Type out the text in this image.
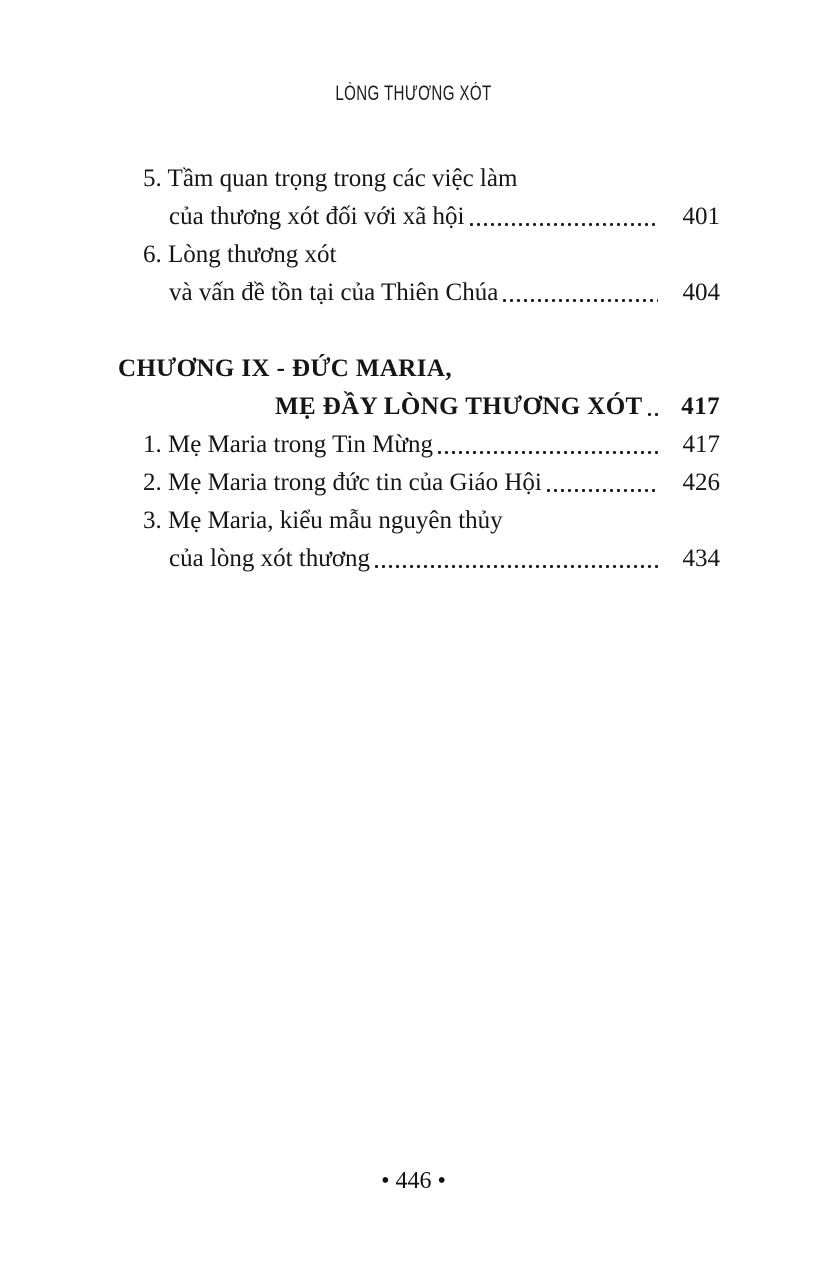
LÒNG THƯƠNG XÓT
5. Tầm quan trọng trong các việc làm
của thương xót đối với xã hội	401
6. Lòng thương xót
và vấn đề tồn tại của Thiên Chúa	404
CHƯƠNG IX - ĐỨC MARIA,
MẸ ĐẦY LÒNG THƯƠNG XÓT 417
1. Mẹ Maria trong Tin Mừng	417
2. Mẹ Maria trong đức tin của Giáo Hội	426
3. Mẹ Maria, kiểu mẫu nguyên thủy
của lòng xót thương	434
• 446 •
